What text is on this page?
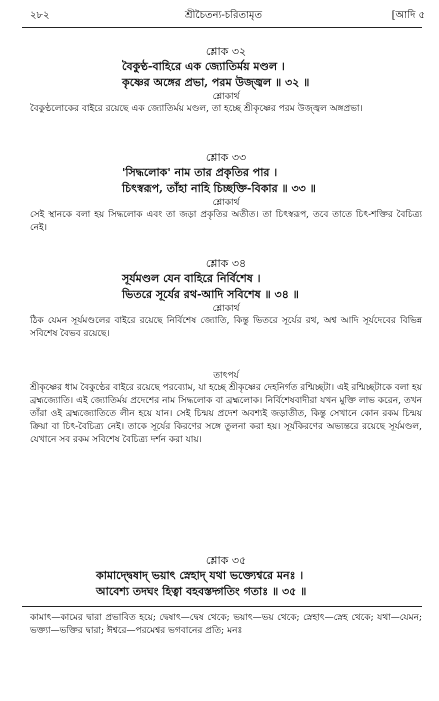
২৮২	শ্রীচৈতন্য-চরিতামৃত	[আদি ৫

শ্লোক ৩২

বৈকুণ্ঠ-বাহিরে এক জ্যোতির্ময় মণ্ডল ।

কৃষ্ণের অঙ্গের প্রভা, পরম উজ্জ্বল ॥ ৩২ ॥

শ্লোকার্থ

বৈকুণ্ঠলোকের বাইরে রয়েছে এক জ্যোতির্ময় মণ্ডল, তা হচ্ছে শ্রীকৃষ্ণের পরম উজ্জ্বল অঙ্গপ্রভা।

শ্লোক ৩৩

'সিদ্ধলোক' নাম তার প্রকৃতির পার ।

চিৎস্বরূপ, তাঁহা নাহি চিচ্ছক্তি-বিকার ॥ ৩৩ ॥

শ্লোকার্থ

সেই স্থানকে বলা হয় সিদ্ধলোক এবং তা জড়া প্রকৃতির অতীত। তা চিৎস্বরূপ, তবে তাতে চিৎ-শক্তির বৈচিত্র্য নেই।

শ্লোক ৩৪

সূর্যমণ্ডল যেন বাহিরে নির্বিশেষ ।

ভিতরে সূর্যের রথ-আদি সবিশেষ ॥ ৩৪ ॥

শ্লোকার্থ

ঠিক যেমন সূর্যমণ্ডলের বাইরে রয়েছে নির্বিশেষ জ্যোতি, কিন্তু ভিতরে সূর্যের রথ, অশ্ব আদি সূর্যদেবের বিভিন্ন সবিশেষ বৈভব রয়েছে।

তাৎপর্য

শ্রীকৃষ্ণের ধাম বৈকুণ্ঠের বাইরে রয়েছে পরব্যোম, যা হচ্ছে শ্রীকৃষ্ণের দেহনির্গত রশ্মিচ্ছটা। এই রশ্মিচ্ছটাকে বলা হয় ব্রহ্মজ্যোতি। এই জ্যোতির্ময় প্রদেশের নাম সিদ্ধলোক বা ব্রহ্মলোক। নির্বিশেষবাদীরা যখন মুক্তি লাভ করেন, তখন তাঁরা ওই ব্রহ্মজ্যোতিতে লীন হয়ে যান। সেই চিন্ময় প্রদেশ অবশ্যই জড়াতীত, কিন্তু সেখানে কোন রকম চিন্ময় ক্রিয়া বা চিৎ-বৈচিত্র্য নেই। তাকে সূর্যের কিরণের সঙ্গে তুলনা করা হয়। সূর্যকিরণের অভ্যন্তরে রয়েছে সূর্যমণ্ডল, যেখানে সব রকম সবিশেষ বৈচিত্র্য দর্শন করা যায়।

শ্লোক ৩৫

কামাদ্দ্বেষাদ্ ভয়াৎ স্নেহাদ্ যথা ভক্ত্যেশ্বরে মনঃ ।

আবেশ্য তদঘং হিত্বা বহবস্তদ্গতিং গতাঃ ॥ ৩৫ ॥

কামাৎ—কামের দ্বারা প্রভাবিত হয়ে; দ্বেষাৎ—দ্বেষ থেকে; ভয়াৎ—ভয় থেকে; স্নেহাৎ—স্নেহ থেকে; যথা—যেমন; ভক্ত্যা—ভক্তির দ্বারা; ঈশ্বরে—পরমেশ্বর ভগবানের প্রতি; মনঃ
